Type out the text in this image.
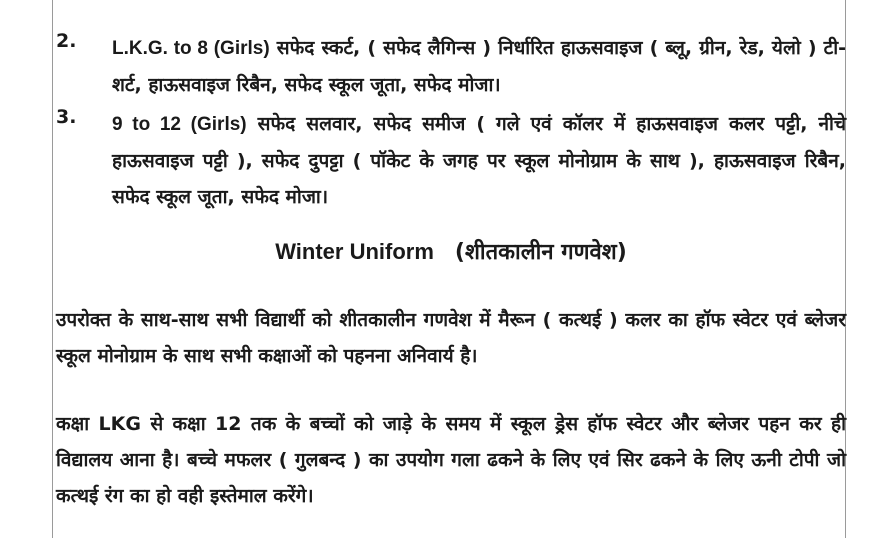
2. L.K.G. to 8 (Girls) सफेद स्कर्ट, ( सफेद लैगिन्स ) निर्धारित हाऊसवाइज ( ब्लू, ग्रीन, रेड, येलो ) टी-शर्ट, हाऊसवाइज रिबैन, सफेद स्कूल जूता, सफेद मोजा।
3. 9 to 12 (Girls) सफेद सलवार, सफेद समीज ( गले एवं कॉलर में हाऊसवाइज कलर पट्टी, नीचे हाऊसवाइज पट्टी ), सफेद दुपट्टा ( पॉकेट के जगह पर स्कूल मोनोग्राम के साथ ), हाऊसवाइज रिबैन, सफेद स्कूल जूता, सफेद मोजा।
Winter Uniform (शीतकालीन गणवेश)
उपरोक्त के साथ-साथ सभी विद्यार्थी को शीतकालीन गणवेश में मैरून ( कत्थई ) कलर का हॉफ स्वेटर एवं ब्लेजर स्कूल मोनोग्राम के साथ सभी कक्षाओं को पहनना अनिवार्य है।
कक्षा LKG से कक्षा 12 तक के बच्चों को जाड़े के समय में स्कूल ड्रेस हॉफ स्वेटर और ब्लेजर पहन कर ही विद्यालय आना है। बच्चे मफलर ( गुलबन्द ) का उपयोग गला ढकने के लिए एवं सिर ढकने के लिए ऊनी टोपी जो कत्थई रंग का हो वही इस्तेमाल करेंगे।
